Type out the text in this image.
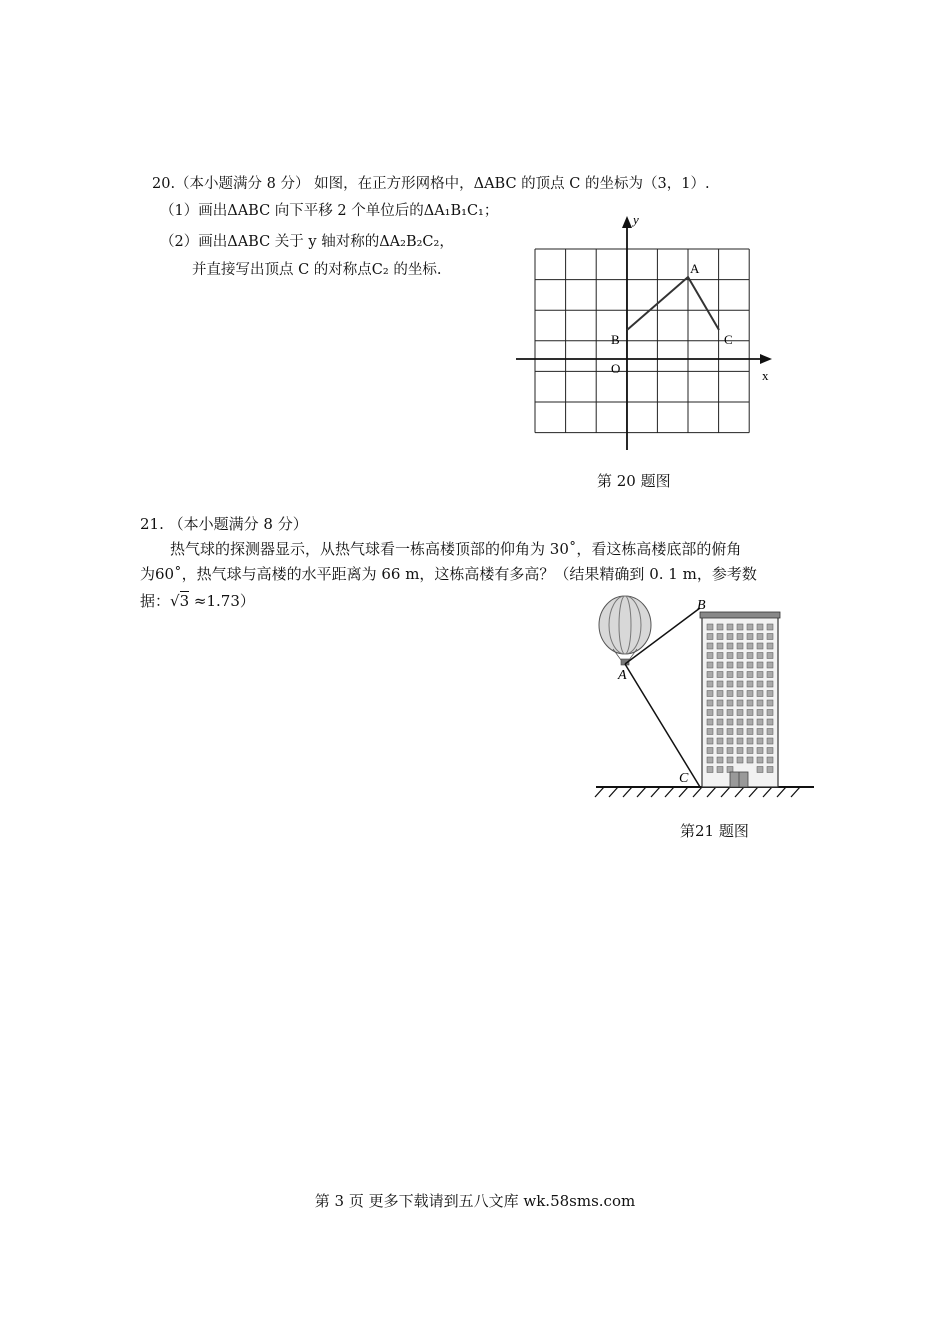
20.（本小题满分 8 分） 如图，在正方形网格中，ΔABC 的顶点 C 的坐标为（3，1）.
（1）画出ΔABC 向下平移 2 个单位后的ΔA₁B₁C₁；
（2）画出ΔABC 关于 y 轴对称的ΔA₂B₂C₂，
并直接写出顶点 C 的对称点C₂ 的坐标.	A
B	C
O	x
y
第 20 题图
21. （本小题满分 8 分）
热气球的探测器显示，从热气球看一栋高楼顶部的仰角为 30˚，看这栋高楼底部的俯角
为60˚，热气球与高楼的水平距离为 66 m，这栋高楼有多高？（结果精确到 0. 1 m，参考数
据：√3 ≈1.73）
A
B
C
第21 题图
第 3 页 更多下载请到五八文库 wk.58sms.com
